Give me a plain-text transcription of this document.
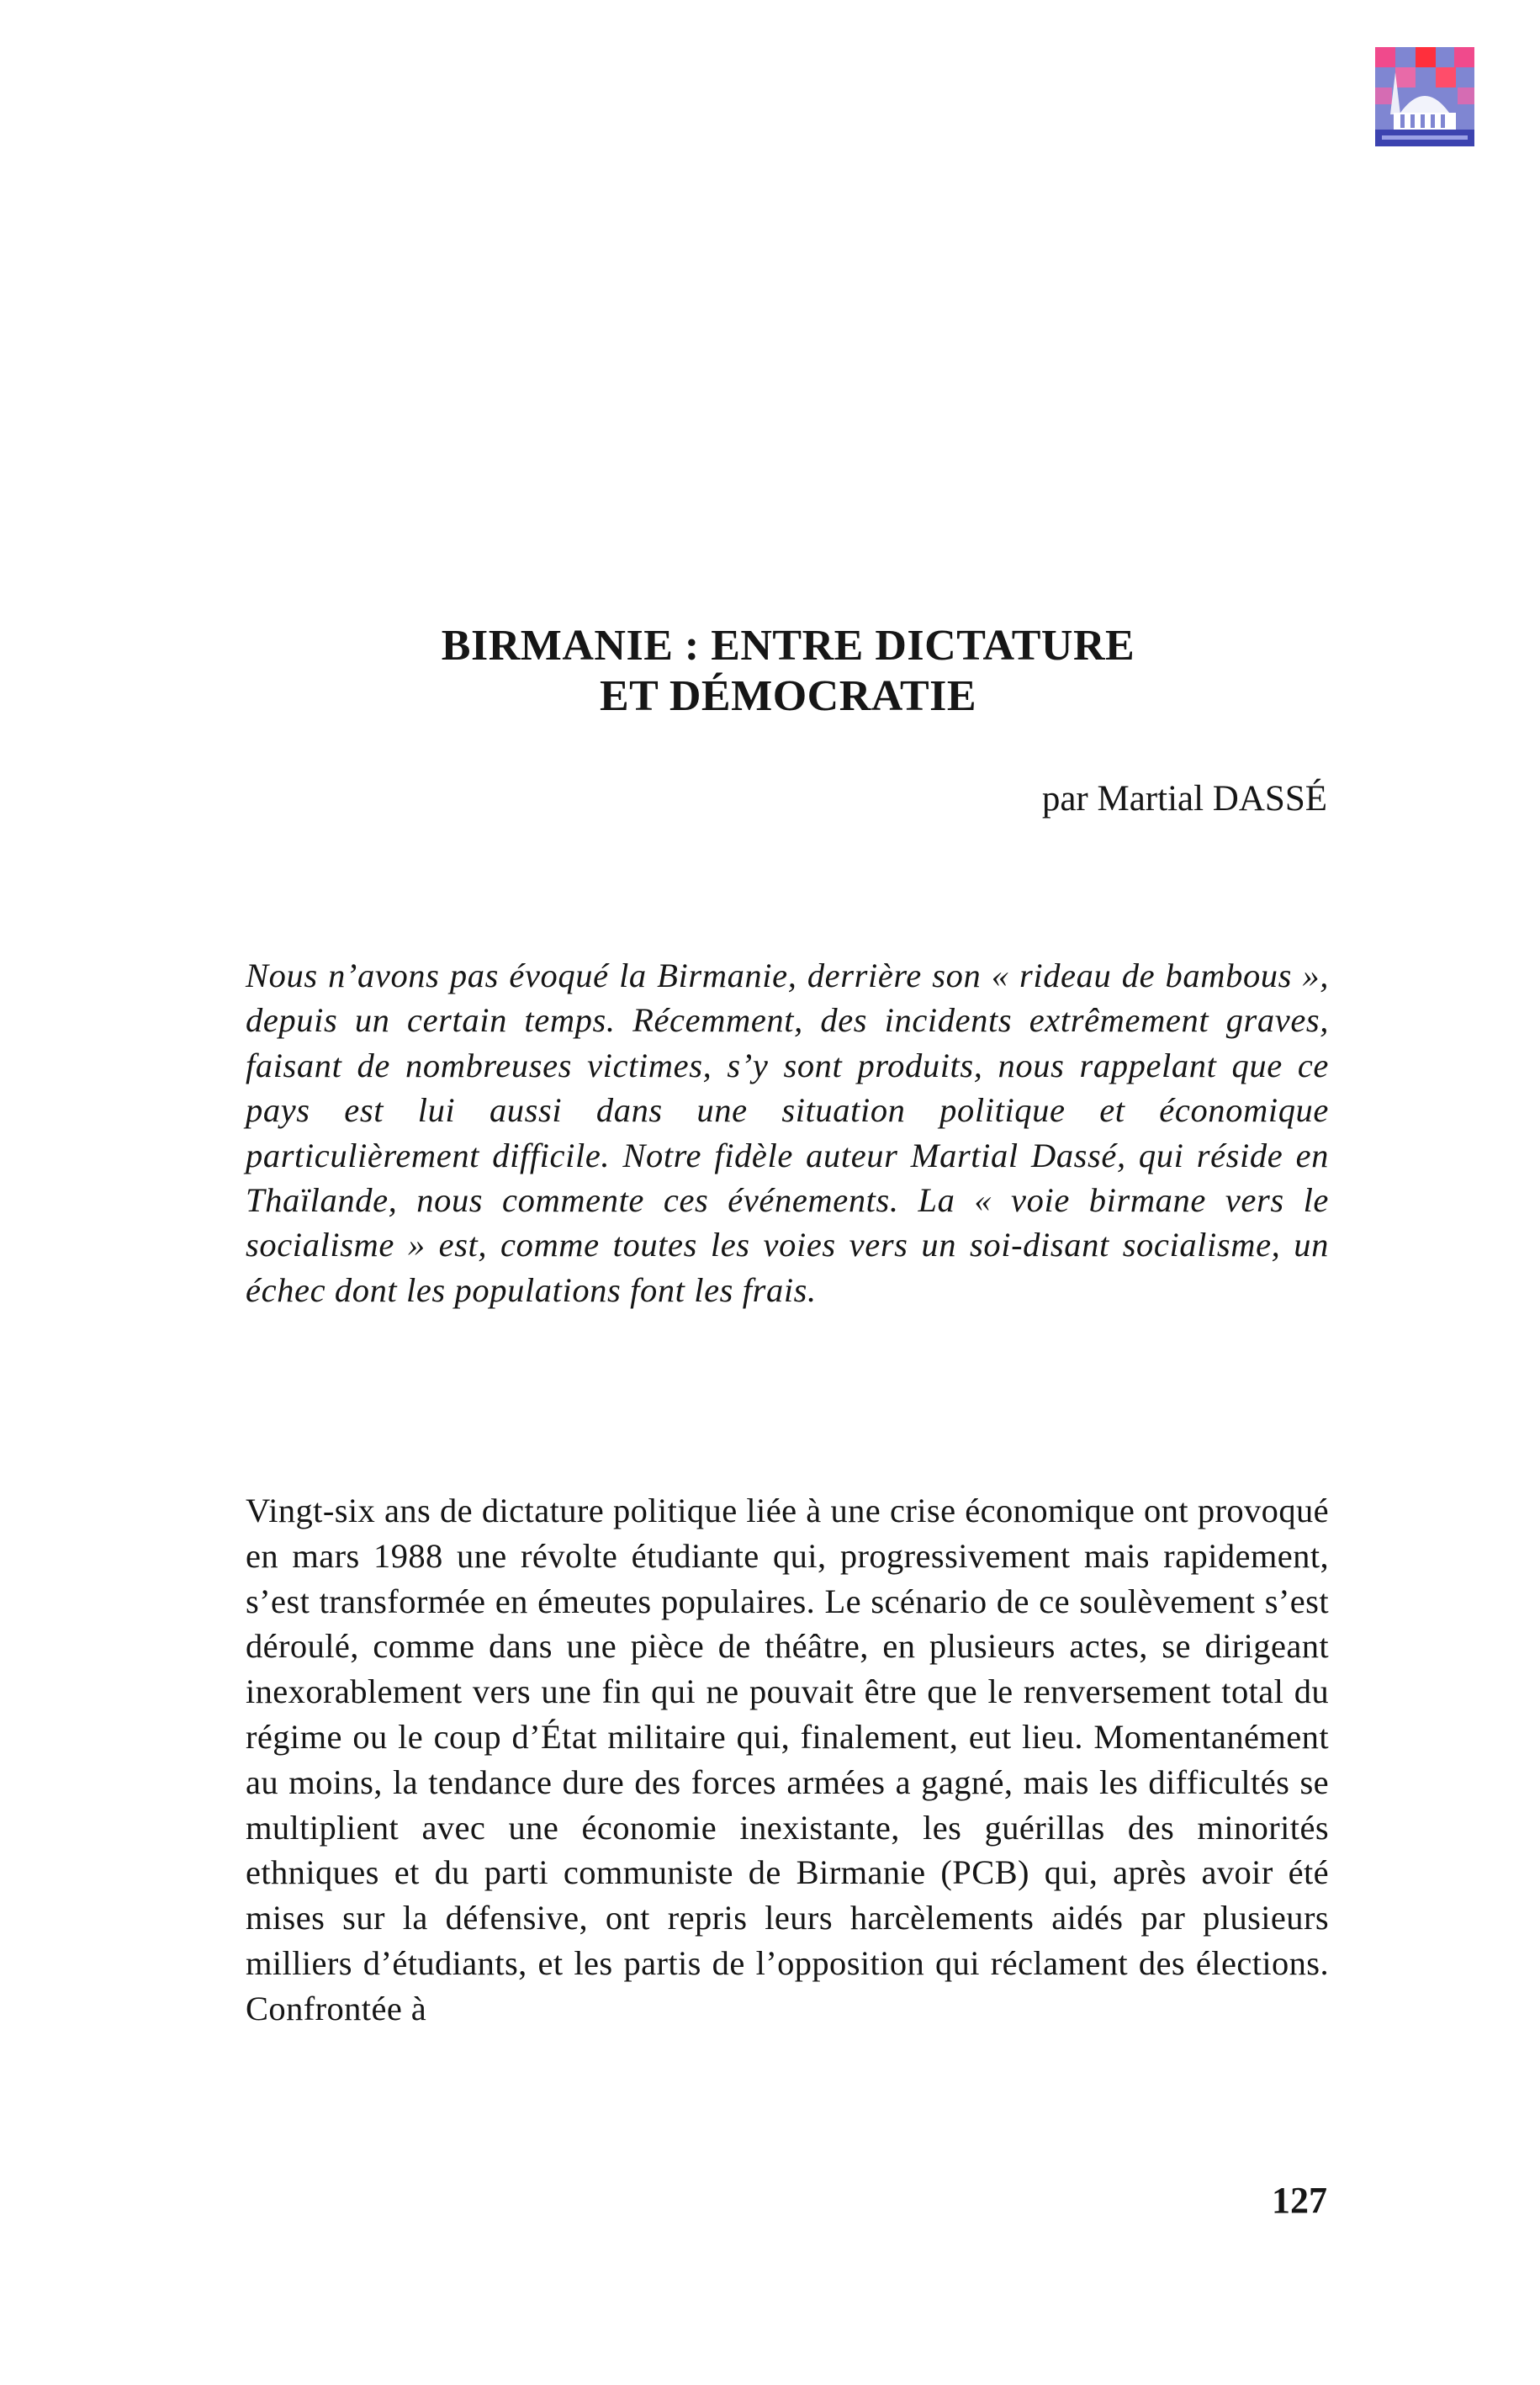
BIRMANIE : ENTRE DICTATURE
ET DÉMOCRATIE

par Martial DASSÉ

Nous n’avons pas évoqué la Birmanie, derrière son « rideau de bambous », depuis un certain temps. Récemment, des incidents extrêmement graves, faisant de nombreuses victimes, s’y sont produits, nous rappelant que ce pays est lui aussi dans une situation politique et économique particulièrement difficile. Notre fidèle auteur Martial Dassé, qui réside en Thaïlande, nous commente ces événements. La « voie birmane vers le socialisme » est, comme toutes les voies vers un soi-disant socialisme, un échec dont les populations font les frais.

Vingt-six ans de dictature politique liée à une crise économique ont provoqué en mars 1988 une révolte étudiante qui, progressivement mais rapidement, s’est transformée en émeutes populaires. Le scénario de ce soulèvement s’est déroulé, comme dans une pièce de théâtre, en plusieurs actes, se dirigeant inexorablement vers une fin qui ne pouvait être que le renversement total du régime ou le coup d’État militaire qui, finalement, eut lieu. Momentanément au moins, la tendance dure des forces armées a gagné, mais les difficultés se multiplient avec une économie inexistante, les guérillas des minorités ethniques et du parti communiste de Birmanie (PCB) qui, après avoir été mises sur la défensive, ont repris leurs harcèlements aidés par plusieurs milliers d’étudiants, et les partis de l’opposition qui réclament des élections. Confrontée à

127
